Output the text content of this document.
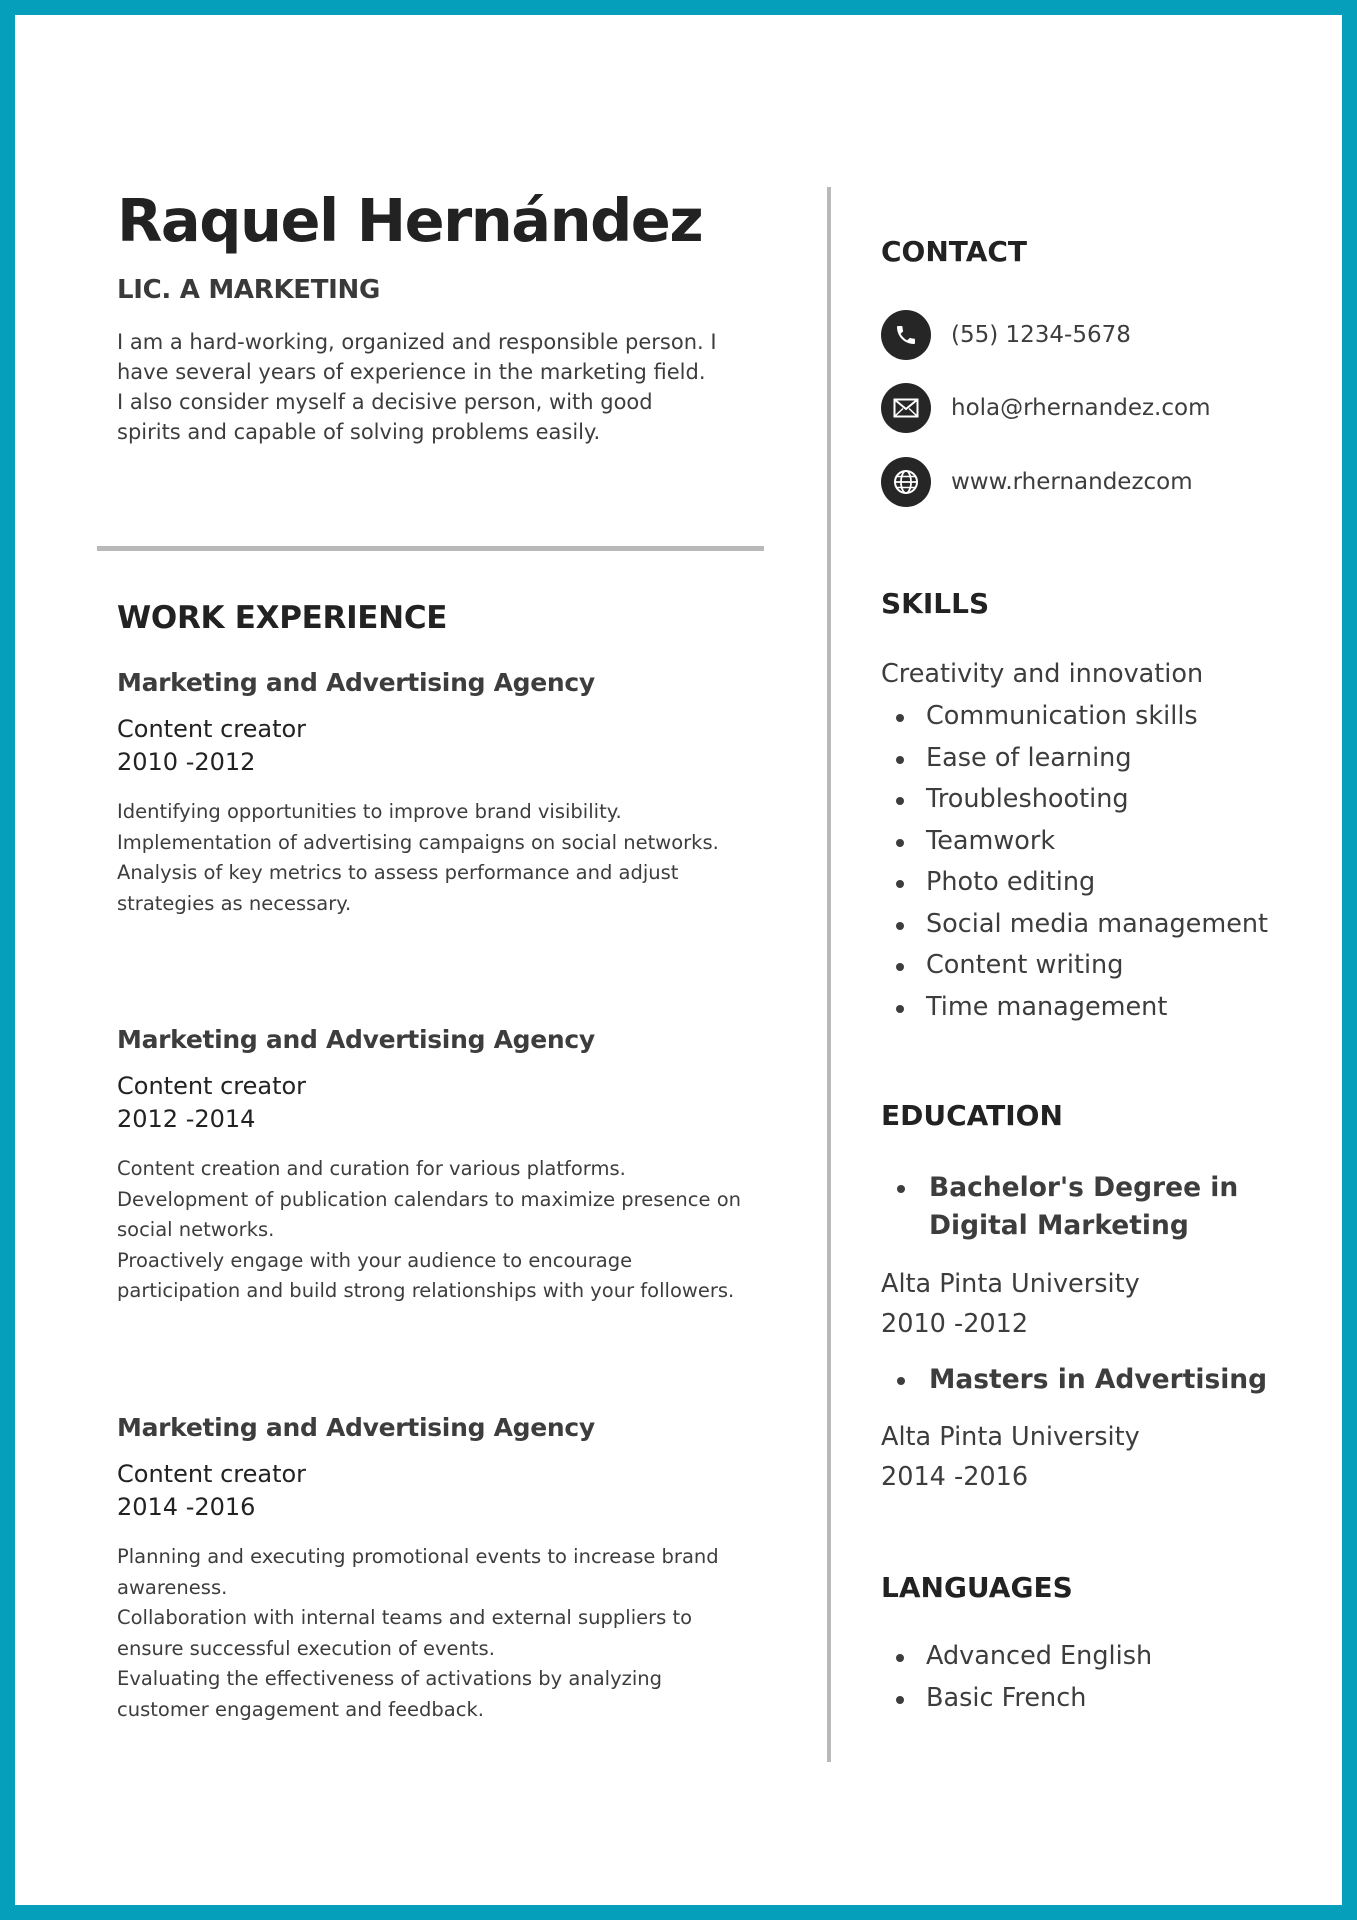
Raquel Hernández
LIC. A MARKETING
I am a hard-working, organized and responsible person. I have several years of experience in the marketing field. I also consider myself a decisive person, with good spirits and capable of solving problems easily.
WORK EXPERIENCE
Marketing and Advertising Agency
Content creator
2010 -2012
Identifying opportunities to improve brand visibility.
Implementation of advertising campaigns on social networks.
Analysis of key metrics to assess performance and adjust strategies as necessary.
Marketing and Advertising Agency
Content creator
2012 -2014
Content creation and curation for various platforms.
Development of publication calendars to maximize presence on social networks.
Proactively engage with your audience to encourage participation and build strong relationships with your followers.
Marketing and Advertising Agency
Content creator
2014 -2016
Planning and executing promotional events to increase brand awareness.
Collaboration with internal teams and external suppliers to ensure successful execution of events.
Evaluating the effectiveness of activations by analyzing customer engagement and feedback.
CONTACT
(55) 1234-5678
hola@rhernandez.com
www.rhernandezcom
SKILLS
Creativity and innovation
Communication skills
Ease of learning
Troubleshooting
Teamwork
Photo editing
Social media management
Content writing
Time management
EDUCATION
Bachelor's Degree in Digital Marketing
Alta Pinta University
2010 -2012
Masters in Advertising
Alta Pinta University
2014 -2016
LANGUAGES
Advanced English
Basic French
